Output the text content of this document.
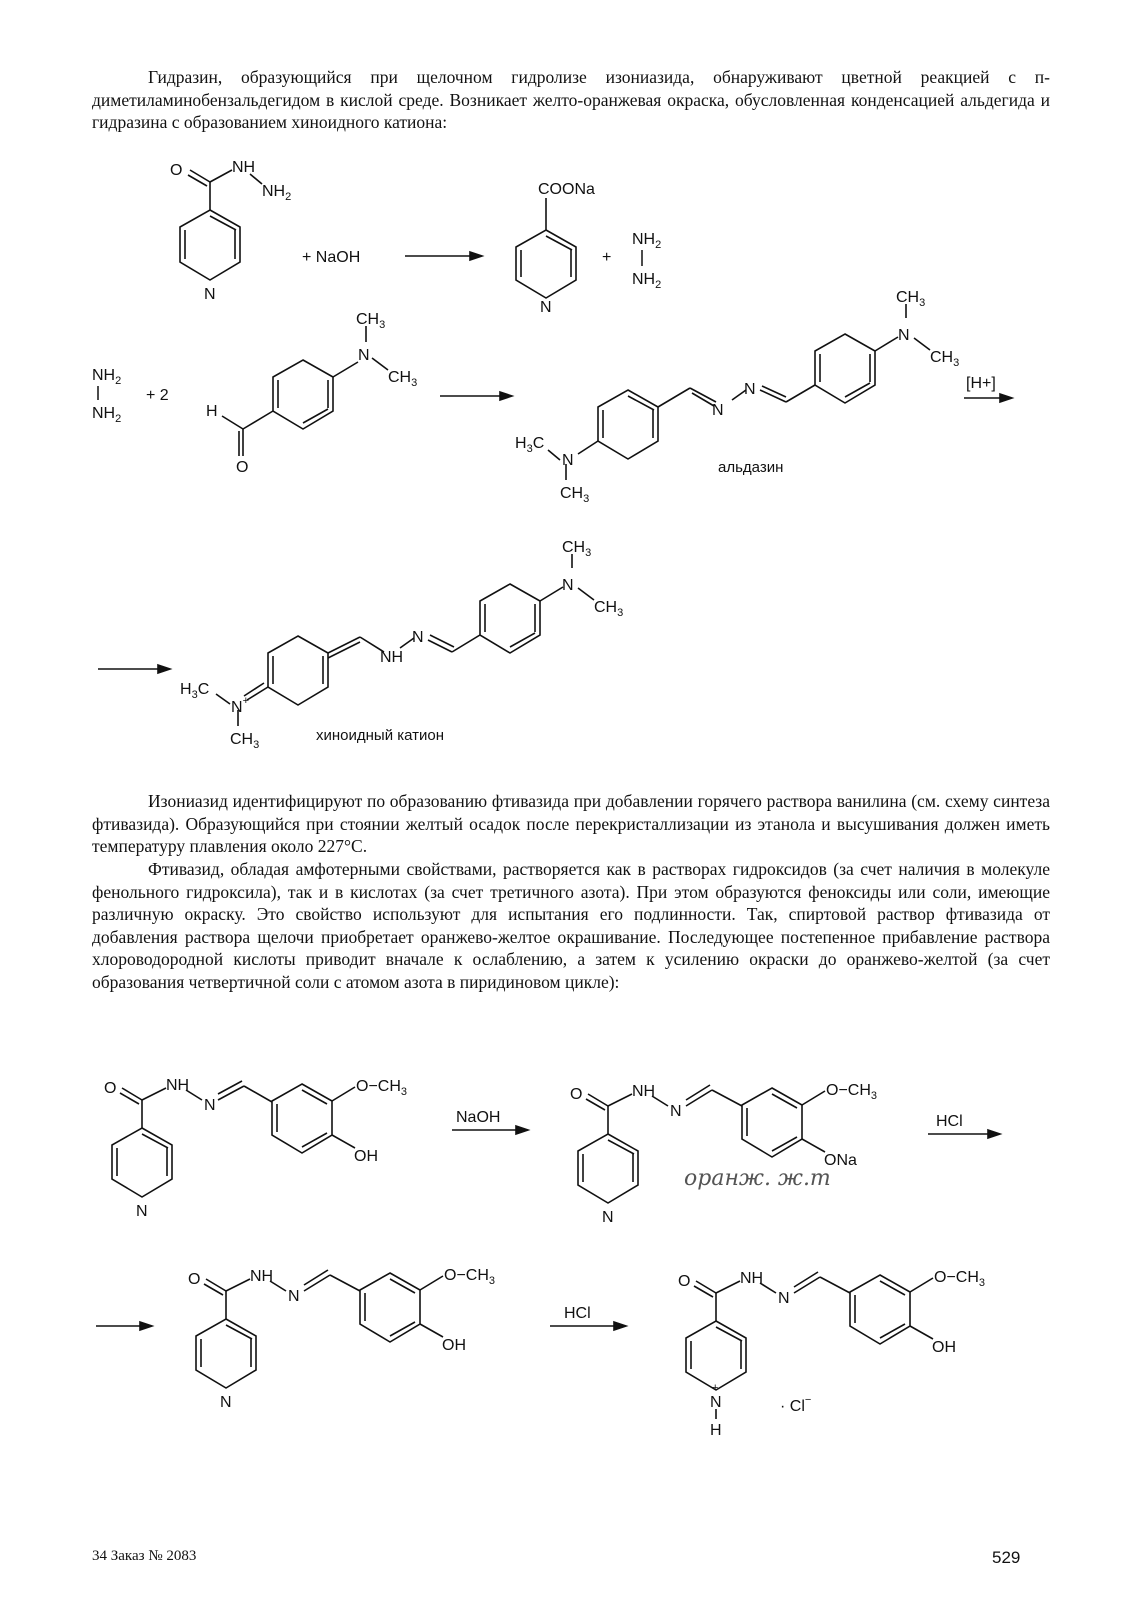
Гидразин, образующийся при щелочном гидролизе изониазида, обнаруживают цветной реакцией с п-диметиламинобензальдегидом в кислой среде. Возникает желто-оранжевая окраска, обусловленная конденсацией альдегида и гидразина с образованием хиноидного катиона:

O	NH
$NH_2$
N
+ NaOH
COONa
N
+
$NH_2$
$NH_2$
$NH_2$
$NH_2$
+ 2
$CH_3$
N
$CH_3$
H
O
N
N
$CH_3$
N
$CH_3$
$H_3C$
N
$CH_3$
альдазин
[H+]
NH
N
$CH_3$
N
$CH_3$
$H_3C$
N+
$CH_3$
хиноидный катион

Изониазид идентифицируют по образованию фтивазида при добавлении горячего раствора ванилина (см. схему синтеза фтивазида). Образующийся при стоянии желтый осадок после перекристаллизации из этанола и высушивания должен иметь температуру плавления около 227°С.

Фтивазид, обладая амфотерными свойствами, растворяется как в растворах гидроксидов (за счет наличия в молекуле фенольного гидроксила), так и в кислотах (за счет третичного азота). При этом образуются феноксиды или соли, имеющие различную окраску. Это свойство используют для испытания его подлинности. Так, спиртовой раствор фтивазида от добавления раствора щелочи приобретает оранжево-желтое окрашивание. Последующее постепенное прибавление раствора хлороводородной кислоты приводит вначале к ослаблению, а затем к усилению окраски до оранжево-желтой (за счет образования четвертичной соли с атомом азота в пиридиновом цикле):

O	NH
N
$O-CH_3$
OH
N
NaOH
O	NH
N
$O-CH_3$
ONa
N
HCl
оранж. ж.т
O	NH
N
$O-CH_3$
OH
N
HCl
O	NH
N
$O-CH_3$
OH
+
N
H
· Cl−
34 Заказ № 2083	529
